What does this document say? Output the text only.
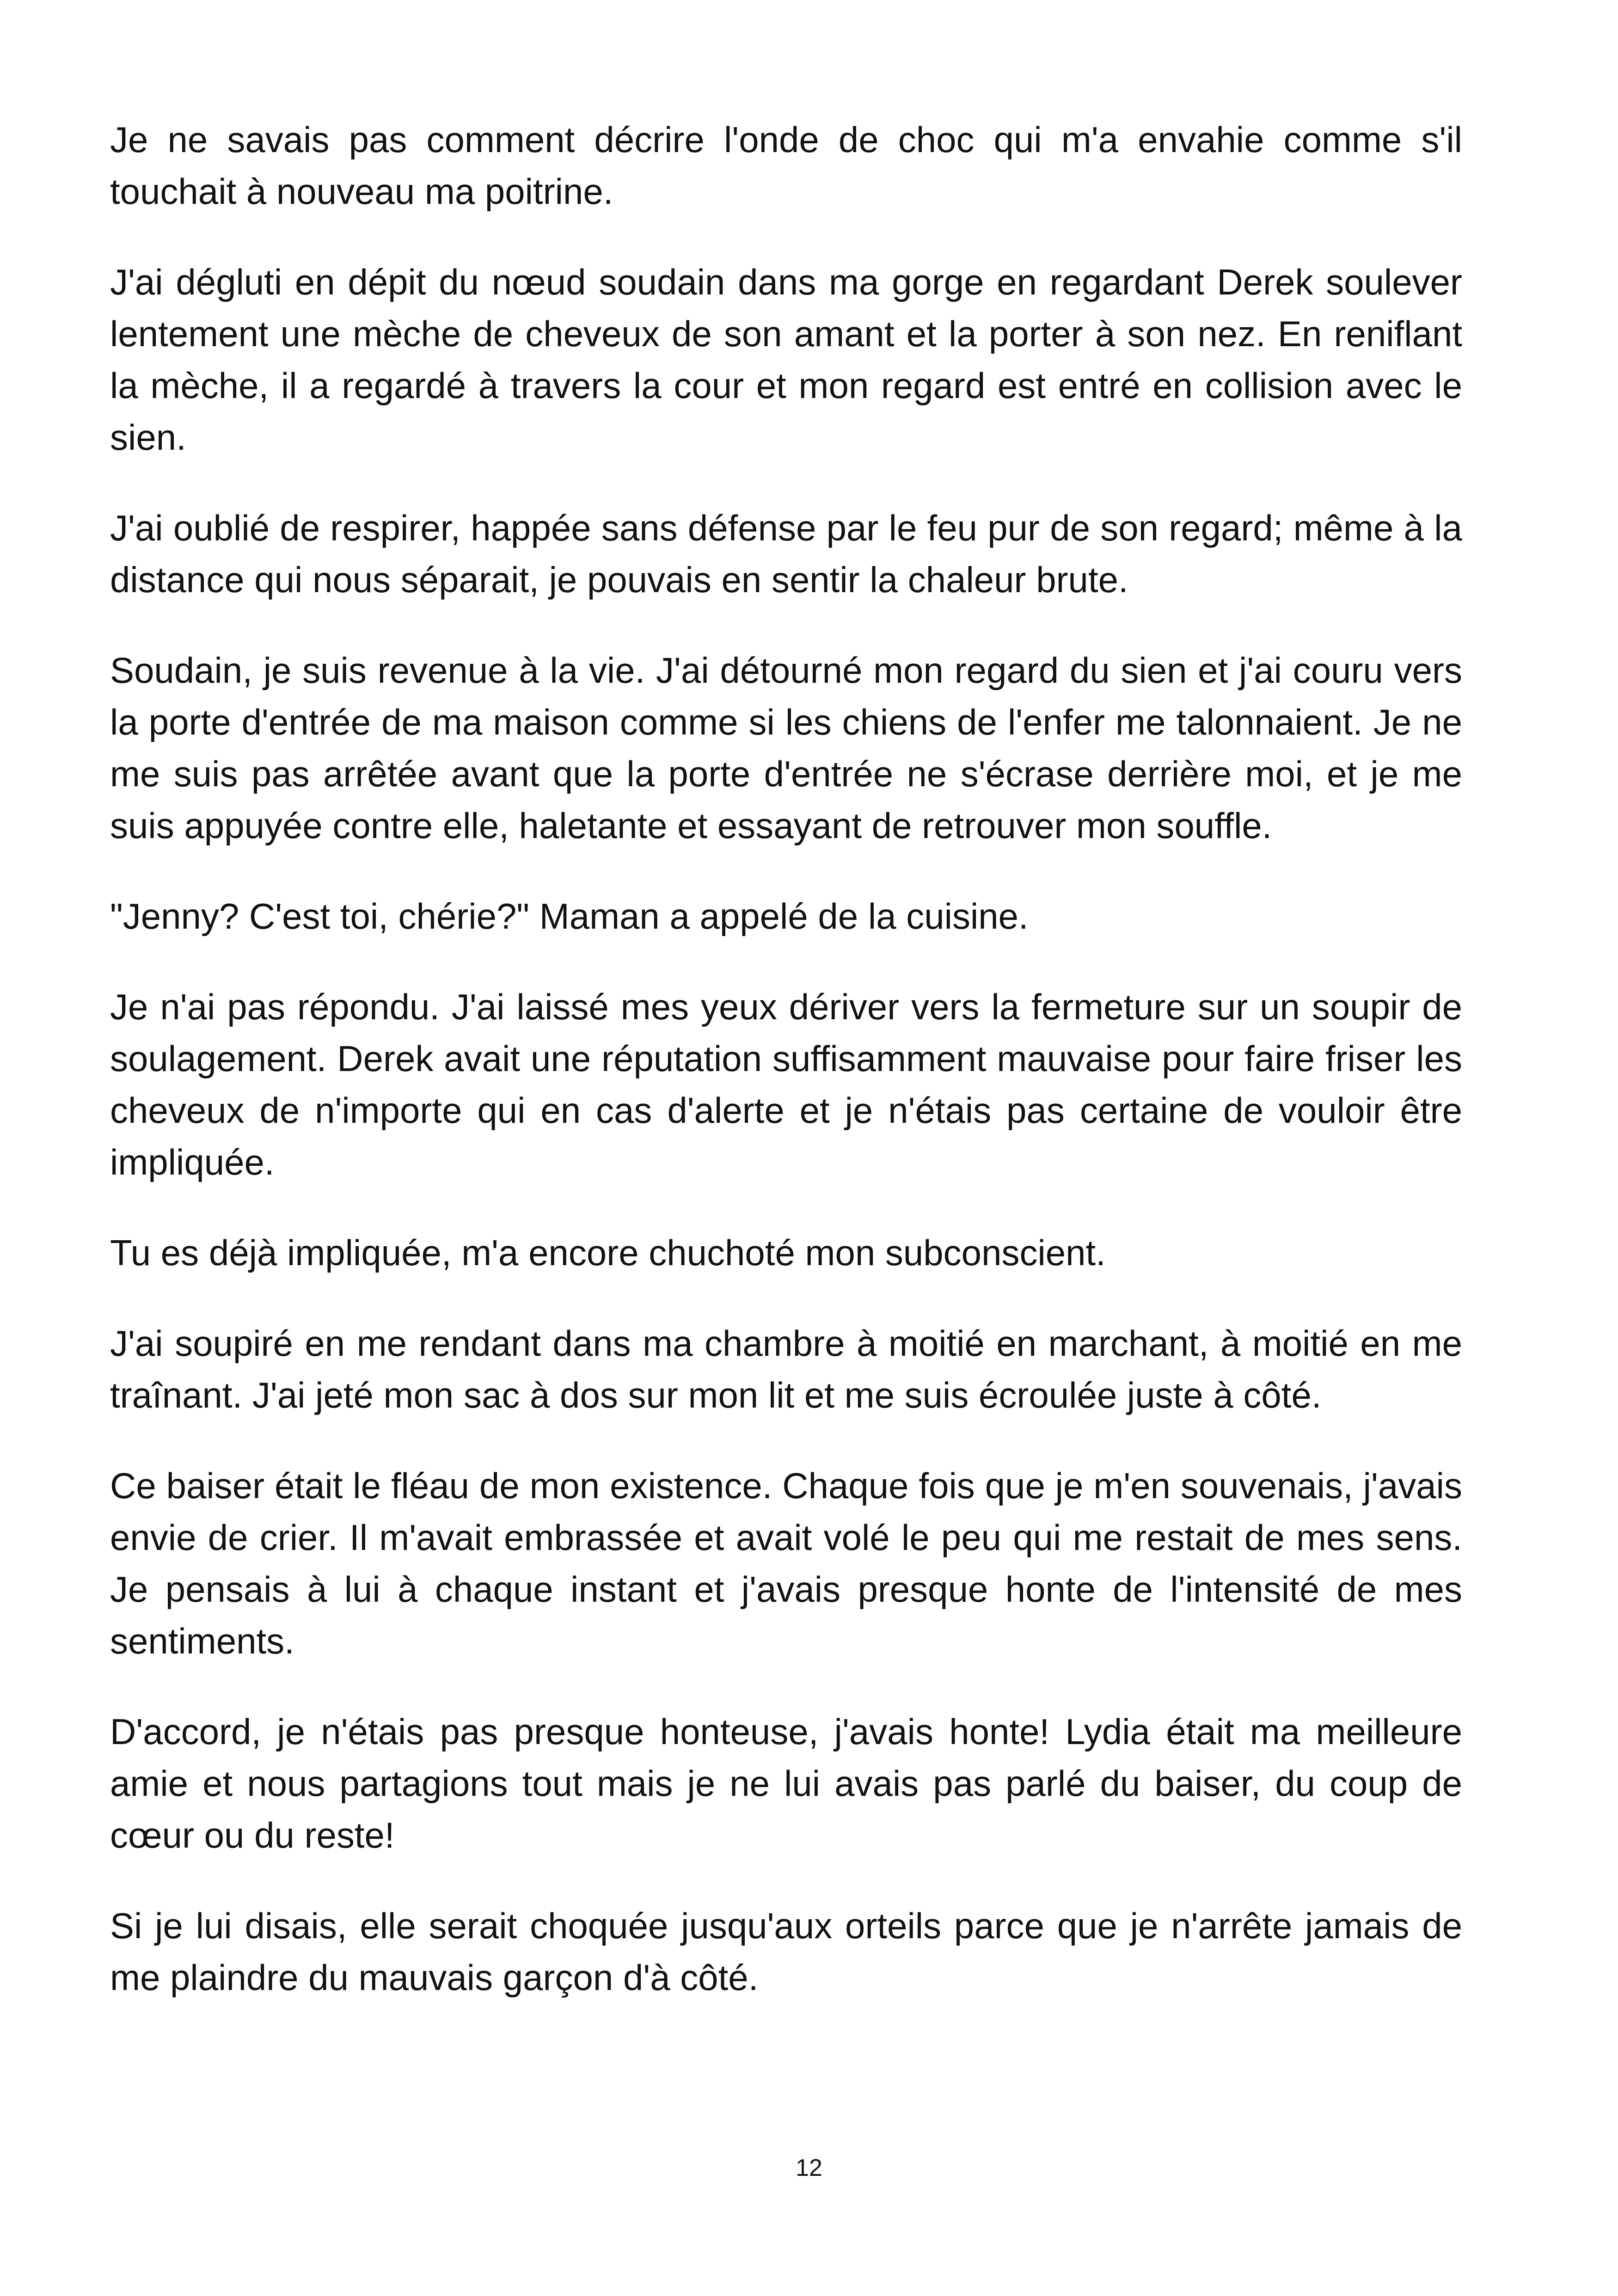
Je ne savais pas comment décrire l'onde de choc qui m'a envahie comme s'il touchait à nouveau ma poitrine.

J'ai dégluti en dépit du nœud soudain dans ma gorge en regardant Derek soulever lentement une mèche de cheveux de son amant et la porter à son nez. En reniflant la mèche, il a regardé à travers la cour et mon regard est entré en collision avec le sien.

J'ai oublié de respirer, happée sans défense par le feu pur de son regard; même à la distance qui nous séparait, je pouvais en sentir la chaleur brute.

Soudain, je suis revenue à la vie. J'ai détourné mon regard du sien et j'ai couru vers la porte d'entrée de ma maison comme si les chiens de l'enfer me talonnaient. Je ne me suis pas arrêtée avant que la porte d'entrée ne s'écrase derrière moi, et je me suis appuyée contre elle, haletante et essayant de retrouver mon souffle.

"Jenny? C'est toi, chérie?" Maman a appelé de la cuisine.

Je n'ai pas répondu. J'ai laissé mes yeux dériver vers la fermeture sur un soupir de soulagement. Derek avait une réputation suffisamment mauvaise pour faire friser les cheveux de n'importe qui en cas d'alerte et je n'étais pas certaine de vouloir être impliquée.

Tu es déjà impliquée, m'a encore chuchoté mon subconscient.

J'ai soupiré en me rendant dans ma chambre à moitié en marchant, à moitié en me traînant. J'ai jeté mon sac à dos sur mon lit et me suis écroulée juste à côté.

Ce baiser était le fléau de mon existence. Chaque fois que je m'en souvenais, j'avais envie de crier. Il m'avait embrassée et avait volé le peu qui me restait de mes sens. Je pensais à lui à chaque instant et j'avais presque honte de l'intensité de mes sentiments.

D'accord, je n'étais pas presque honteuse, j'avais honte! Lydia était ma meilleure amie et nous partagions tout mais je ne lui avais pas parlé du baiser, du coup de cœur ou du reste!

Si je lui disais, elle serait choquée jusqu'aux orteils parce que je n'arrête jamais de me plaindre du mauvais garçon d'à côté.

12
